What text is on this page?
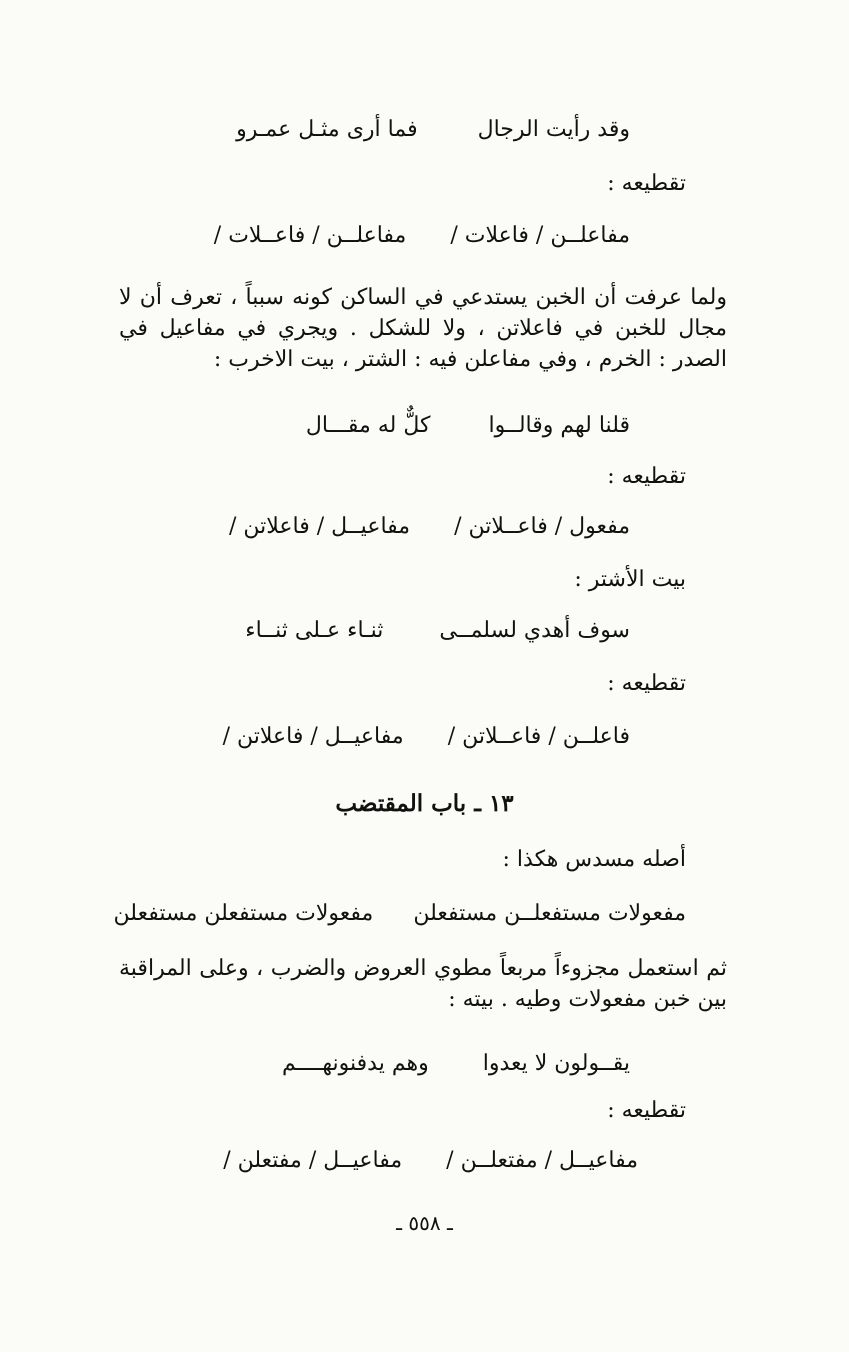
وقد رأيت الرجال
فما أرى مثـل عمـرو
تقطيعه :
مفاعلــن / فاعلات /
مفاعلــن / فاعــلات /
ولما عرفت أن الخبن يستدعي في الساكن كونه سبباً ، تعرف أن لا مجال للخبن في فاعلاتن ، ولا للشكل . ويجري في مفاعيل في الصدر : الخرم ، وفي مفاعلن فيه : الشتر ، بيت الاخرب :
قلنا لهم وقالــوا
كلٌّ له مقـــال
تقطيعه :
مفعول / فاعــلاتن /
مفاعيــل / فاعلاتن /
بيت الأشتر :
سوف أهدي لسلمــى
ثنـاء عـلى ثنــاء
تقطيعه :
فاعلــن / فاعــلاتن /
مفاعيــل / فاعلاتن /
١٣ ـ باب المقتضب
أصله مسدس هكذا :
مفعولات مستفعلــن مستفعلن
مفعولات مستفعلن مستفعلن
ثم استعمل مجزوءاً مربعاً مطوي العروض والضرب ، وعلى المراقبة بين خبن مفعولات وطيه . بيته :
يقــولون لا يعدوا
وهم يدفنونهــــم
تقطيعه :
مفاعيــل / مفتعلــن /
مفاعيــل / مفتعلن /
ـ ٥٥٨ ـ
